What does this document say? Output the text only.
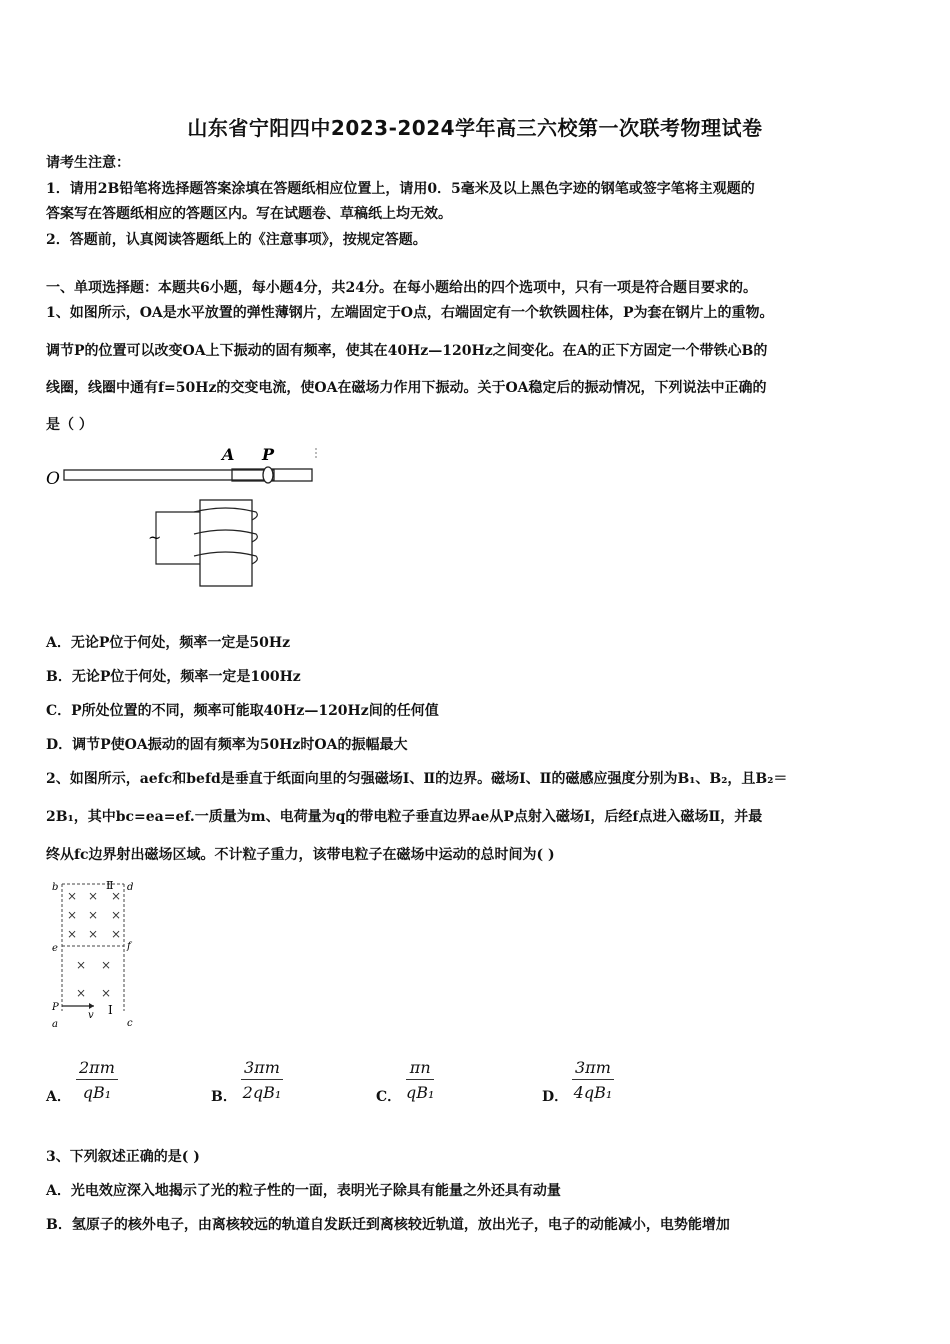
山东省宁阳四中2023-2024学年高三六校第一次联考物理试卷
请考生注意：
1．请用2B铅笔将选择题答案涂填在答题纸相应位置上，请用0．5毫米及以上黑色字迹的钢笔或签字笔将主观题的
答案写在答题纸相应的答题区内。写在试题卷、草稿纸上均无效。
2．答题前，认真阅读答题纸上的《注意事项》，按规定答题。
一、单项选择题：本题共6小题，每小题4分，共24分。在每小题给出的四个选项中，只有一项是符合题目要求的。
1、如图所示，OA是水平放置的弹性薄钢片，左端固定于O点，右端固定有一个软铁圆柱体，P为套在钢片上的重物。
调节P的位置可以改变OA上下振动的固有频率，使其在40Hz—120Hz之间变化。在A的正下方固定一个带铁心B的
线圈，线圈中通有f=50Hz的交变电流，使OA在磁场力作用下振动。关于OA稳定后的振动情况，下列说法中正确的
是（ ）
O
A P
~
A．无论P位于何处，频率一定是50Hz
B．无论P位于何处，频率一定是100Hz
C．P所处位置的不同，频率可能取40Hz—120Hz间的任何值
D．调节P使OA振动的固有频率为50Hz时OA的振幅最大
2、如图所示，aefc和befd是垂直于纸面向里的匀强磁场Ⅰ、Ⅱ的边界。磁场Ⅰ、Ⅱ的磁感应强度分别为B₁、B₂，且B₂＝
2B₁，其中bc=ea=ef.一质量为m、电荷量为q的带电粒子垂直边界ae从P点射入磁场Ⅰ，后经f点进入磁场Ⅱ，并最
终从fc边界射出磁场区域。不计粒子重力，该带电粒子在磁场中运动的总时间为( )
b	d
Ⅱ
e	f
P
a	c
v Ⅰ
× × ×
× × ×
× × ×
× ×
× ×
A． $\frac{2\pi m}{\text{qB₁}}$	B． $\frac{3\pi m}{\text{2qB₁}}$	C． $\frac{\pi n}{\text{qB₁}}$	D． $\frac{3\pi m}{\text{4qB₁}}$
3、下列叙述正确的是( )
A．光电效应深入地揭示了光的粒子性的一面，表明光子除具有能量之外还具有动量
B．氢原子的核外电子，由离核较远的轨道自发跃迁到离核较近轨道，放出光子，电子的动能减小，电势能增加
